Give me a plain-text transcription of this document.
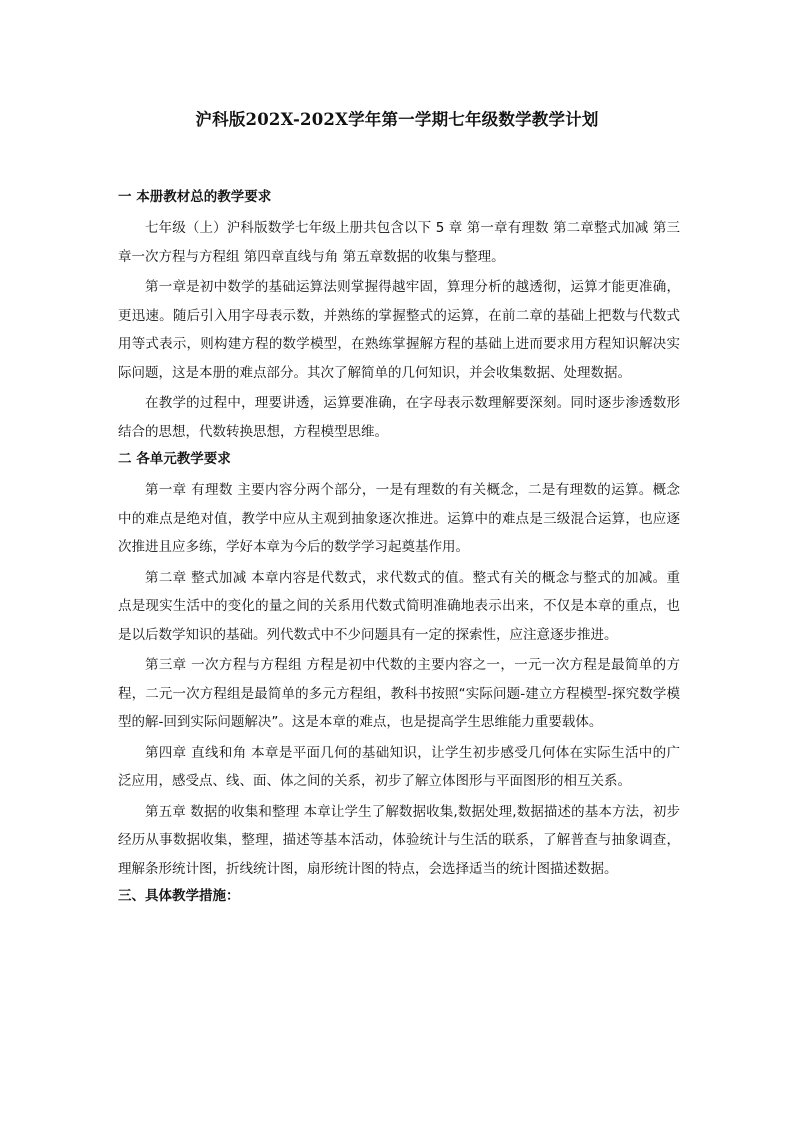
沪科版202X-202X学年第一学期七年级数学教学计划
一 本册教材总的教学要求

七年级（上）沪科版数学七年级上册共包含以下 5 章 第一章有理数 第二章整式加减 第三章一次方程与方程组 第四章直线与角 第五章数据的收集与整理。

第一章是初中数学的基础运算法则掌握得越牢固，算理分析的越透彻，运算才能更准确，更迅速。随后引入用字母表示数，并熟练的掌握整式的运算，在前二章的基础上把数与代数式用等式表示，则构建方程的数学模型，在熟练掌握解方程的基础上进而要求用方程知识解决实际问题，这是本册的难点部分。其次了解简单的几何知识，并会收集数据、处理数据。

在教学的过程中，理要讲透，运算要准确，在字母表示数理解要深刻。同时逐步渗透数形结合的思想，代数转换思想，方程模型思维。

二 各单元教学要求

第一章 有理数 主要内容分两个部分，一是有理数的有关概念，二是有理数的运算。概念中的难点是绝对值，教学中应从主观到抽象逐次推进。运算中的难点是三级混合运算，也应逐次推进且应多练，学好本章为今后的数学学习起奠基作用。

第二章 整式加减 本章内容是代数式，求代数式的值。整式有关的概念与整式的加减。重点是现实生活中的变化的量之间的关系用代数式简明准确地表示出来，不仅是本章的重点，也是以后数学知识的基础。列代数式中不少问题具有一定的探索性，应注意逐步推进。

第三章 一次方程与方程组 方程是初中代数的主要内容之一，一元一次方程是最简单的方程，二元一次方程组是最简单的多元方程组，教科书按照“实际问题-建立方程模型-探究数学模型的解-回到实际问题解决”。这是本章的难点，也是提高学生思维能力重要载体。

第四章 直线和角 本章是平面几何的基础知识，让学生初步感受几何体在实际生活中的广泛应用，感受点、线、面、体之间的关系，初步了解立体图形与平面图形的相互关系。

第五章 数据的收集和整理 本章让学生了解数据收集,数据处理,数据描述的基本方法，初步经历从事数据收集，整理，描述等基本活动，体验统计与生活的联系，了解普查与抽象调查，理解条形统计图，折线统计图，扇形统计图的特点，会选择适当的统计图描述数据。

三、具体教学措施：
